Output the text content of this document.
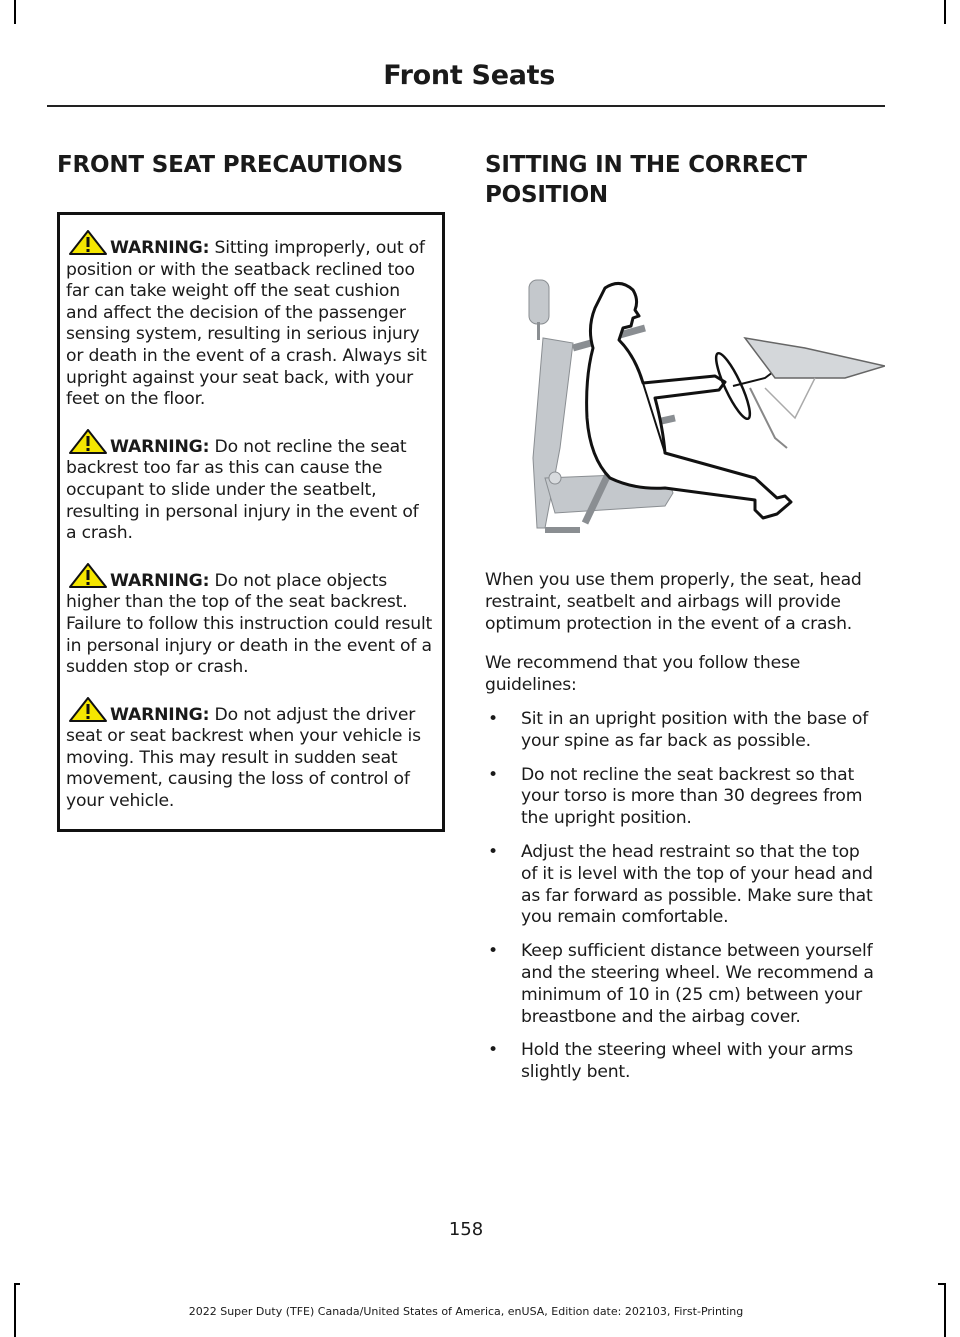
Front Seats
FRONT SEAT PRECAUTIONS

WARNING: Sitting improperly, out of position or with the seatback reclined too far can take weight off the seat cushion and affect the decision of the passenger sensing system, resulting in serious injury or death in the event of a crash. Always sit upright against your seat back, with your feet on the floor.

WARNING: Do not recline the seat backrest too far as this can cause the occupant to slide under the seatbelt, resulting in personal injury in the event of a crash.

WARNING: Do not place objects higher than the top of the seat backrest. Failure to follow this instruction could result in personal injury or death in the event of a sudden stop or crash.

WARNING: Do not adjust the driver seat or seat backrest when your vehicle is moving. This may result in sudden seat movement, causing the loss of control of your vehicle.

SITTING IN THE CORRECT
POSITION

When you use them properly, the seat, head restraint, seatbelt and airbags will provide optimum protection in the event of a crash.

We recommend that you follow these guidelines:

• Sit in an upright position with the base of your spine as far back as possible.
• Do not recline the seat backrest so that your torso is more than 30 degrees from the upright position.
• Adjust the head restraint so that the top of it is level with the top of your head and as far forward as possible. Make sure that you remain comfortable.
• Keep sufficient distance between yourself and the steering wheel. We recommend a minimum of 10 in (25 cm) between your breastbone and the airbag cover.
• Hold the steering wheel with your arms slightly bent.
158
2022 Super Duty (TFE) Canada/United States of America, enUSA, Edition date: 202103, First-Printing
